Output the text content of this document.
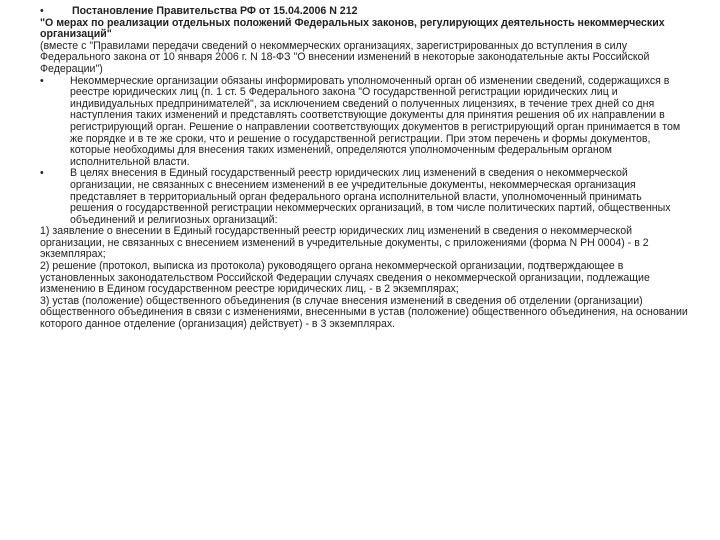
•	Постановление Правительства РФ от 15.04.2006 N 212

"О мерах по реализации отдельных положений Федеральных законов, регулирующих деятельность некоммерческих организаций"

(вместе с "Правилами передачи сведений о некоммерческих организациях, зарегистрированных до вступления в силу Федерального закона от 10 января 2006 г. N 18-ФЗ "О внесении изменений в некоторые законодательные акты Российской Федерации")

• Некоммерческие организации обязаны информировать уполномоченный орган об изменении сведений, содержащихся в реестре юридических лиц (п. 1 ст. 5 Федерального закона "О государственной регистрации юридических лиц и индивидуальных предпринимателей", за исключением сведений о полученных лицензиях, в течение трех дней со дня наступления таких изменений и представлять соответствующие документы для принятия решения об их направлении в регистрирующий орган. Решение о направлении соответствующих документов в регистрирующий орган принимается в том же порядке и в те же сроки, что и решение о государственной регистрации. При этом перечень и формы документов, которые необходимы для внесения таких изменений, определяются уполномоченным федеральным органом исполнительной власти.
• В целях внесения в Единый государственный реестр юридических лиц изменений в сведения о некоммерческой организации, не связанных с внесением изменений в ее учредительные документы, некоммерческая организация представляет в территориальный орган федерального органа исполнительной власти, уполномоченный принимать решения о государственной регистрации некоммерческих организаций, в том числе политических партий, общественных объединений и религиозных организаций:

1) заявление о внесении в Единый государственный реестр юридических лиц изменений в сведения о некоммерческой организации, не связанных с внесением изменений в учредительные документы, с приложениями (форма N РН 0004) - в 2 экземплярах;

2) решение (протокол, выписка из протокола) руководящего органа некоммерческой организации, подтверждающее в установленных законодательством Российской Федерации случаях сведения о некоммерческой организации, подлежащие изменению в Едином государственном реестре юридических лиц, - в 2 экземплярах;

3) устав (положение) общественного объединения (в случае внесения изменений в сведения об отделении (организации) общественного объединения в связи с изменениями, внесенными в устав (положение) общественного объединения, на основании которого данное отделение (организация) действует) - в 3 экземплярах.
